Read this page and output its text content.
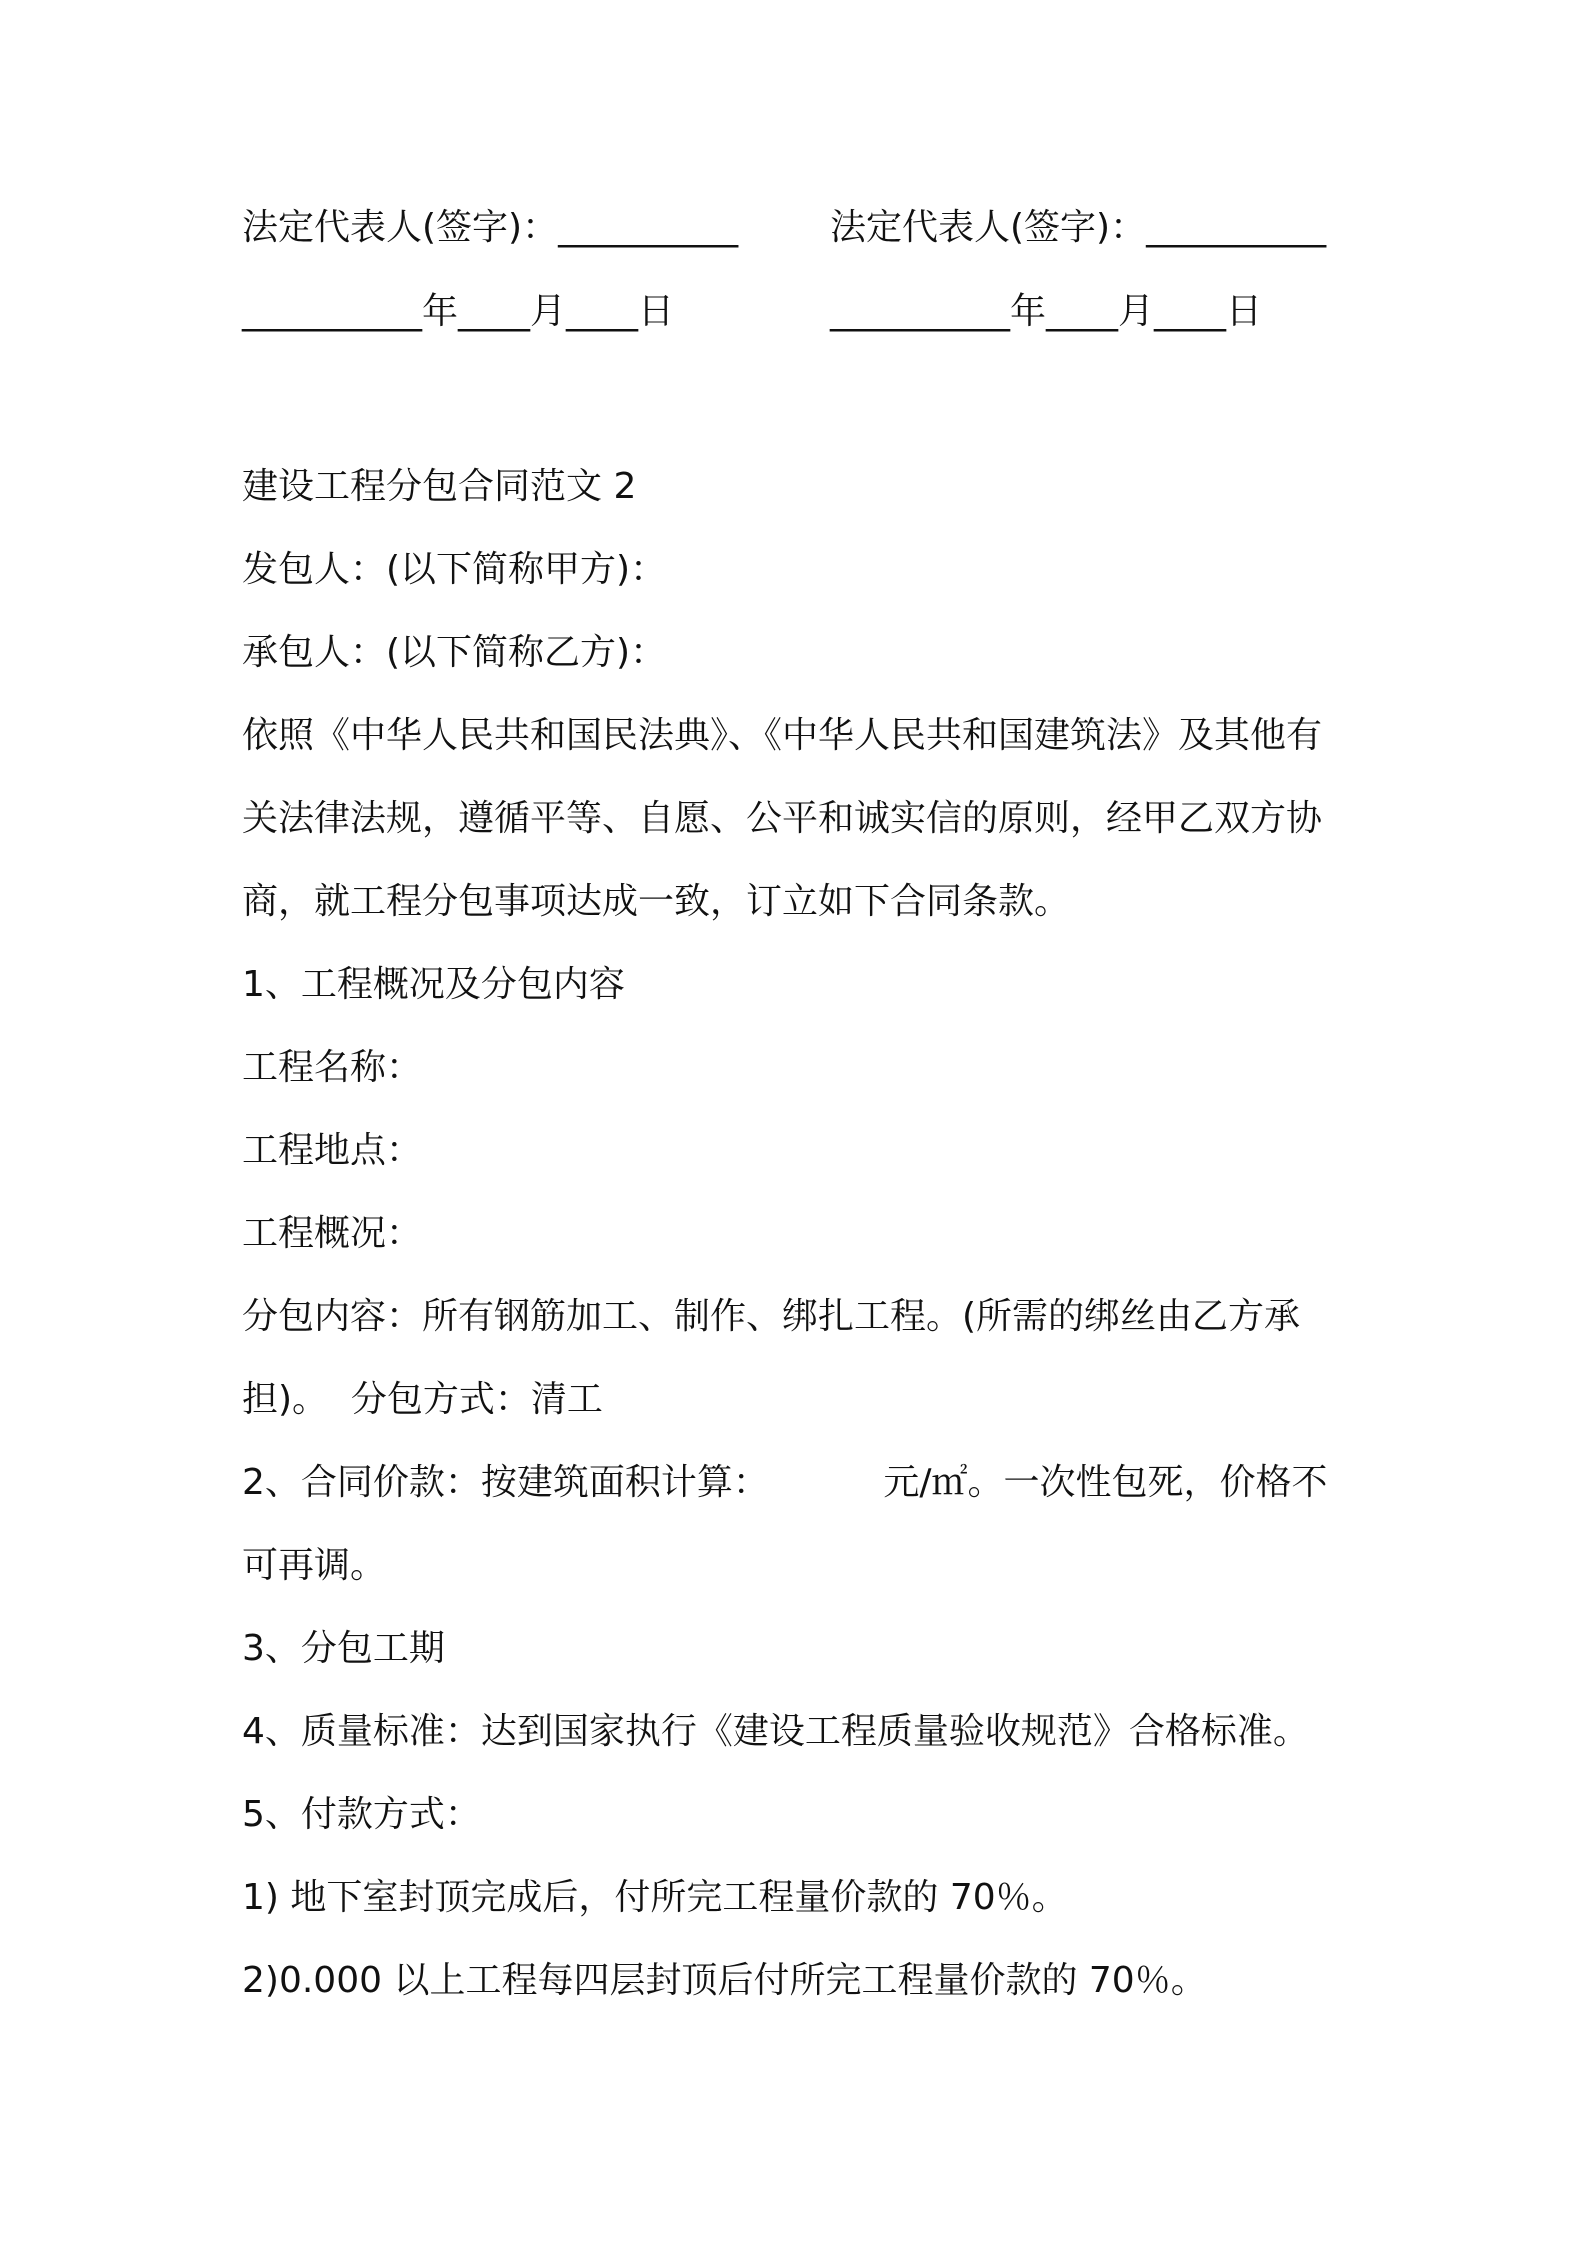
法定代表人(签字)：__________	法定代表人(签字)：__________
__________年____月____日	__________年____月____日

建设工程分包合同范文 2

发包人：(以下简称甲方)：

承包人：(以下简称乙方)：

依照《中华人民共和国民法典》、《中华人民共和国建筑法》及其他有

关法律法规，遵循平等、自愿、公平和诚实信的原则，经甲乙双方协

商，就工程分包事项达成一致，订立如下合同条款。

1、工程概况及分包内容

工程名称：

工程地点：

工程概况：

分包内容：所有钢筋加工、制作、绑扎工程。(所需的绑丝由乙方承

担)。  分包方式：清工

2、合同价款：按建筑面积计算：          元/㎡。一次性包死，价格不

可再调。

3、分包工期

4、质量标准：达到国家执行《建设工程质量验收规范》合格标准。

5、付款方式：

1) 地下室封顶完成后，付所完工程量价款的 70％。

2)0.000 以上工程每四层封顶后付所完工程量价款的 70％。
